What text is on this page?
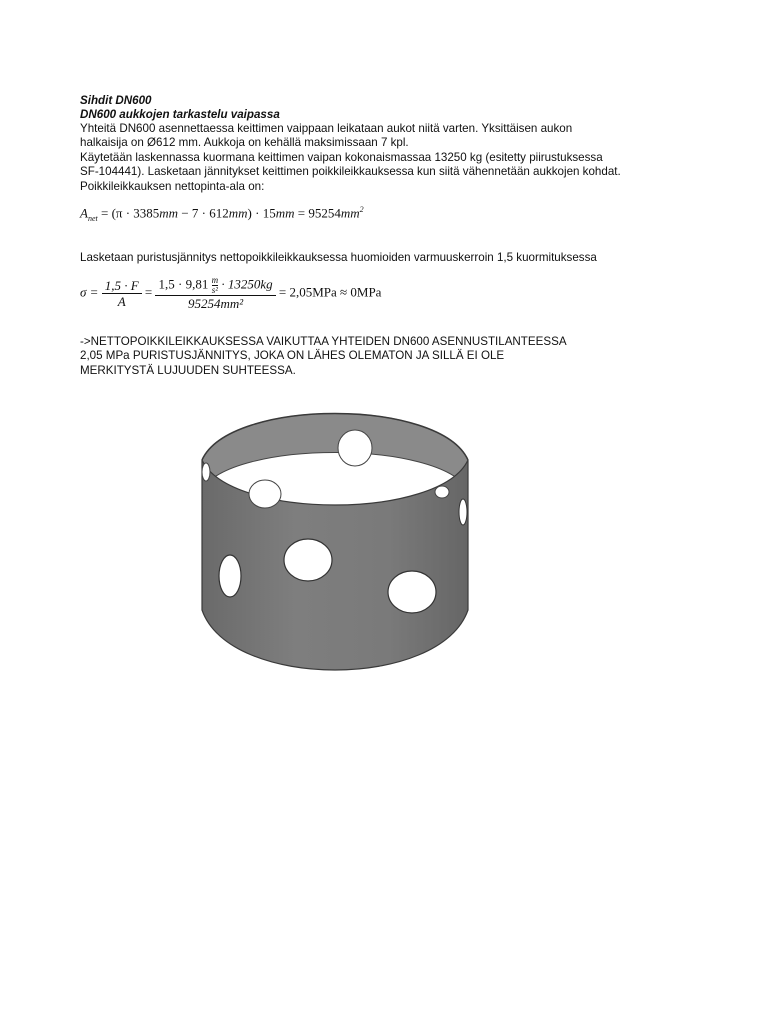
Sihdit DN600
DN600 aukkojen tarkastelu vaipassa
Yhteitä DN600 asennettaessa keittimen vaippaan leikataan aukot niitä varten. Yksittäisen aukon
halkaisija on Ø612 mm. Aukkoja on kehällä maksimissaan 7 kpl.
Käytetään laskennassa kuormana keittimen vaipan kokonaismassaa 13250 kg (esitetty piirustuksessa
SF-104441). Lasketaan jännitykset keittimen poikkileikkauksessa kun siitä vähennetään aukkojen kohdat.
Poikkileikkauksen nettopinta-ala on:
$A_{net} = (\pi \cdot 3385mm - 7 \cdot 612mm) \cdot 15mm = 95254mm^2$
Lasketaan puristusjännitys nettopoikkileikkauksessa huomioiden varmuuskerroin 1,5 kuormituksessa
$\sigma = \frac{1,5 \cdot F}{A}$ =
$1,5 \cdot 9,81 \frac{m}{\text{s²}} \cdot 13250kg$
95254mm²
= 2,05MPa ≈ 0MPa
->NETTOPOIKKILEIKKAUKSESSA VAIKUTTAA YHTEIDEN DN600 ASENNUSTILANTEESSA
2,05 MPa PURISTUSJÄNNITYS, JOKA ON LÄHES OLEMATON JA SILLÄ EI OLE
MERKITYSTÄ LUJUUDEN SUHTEESSA.
